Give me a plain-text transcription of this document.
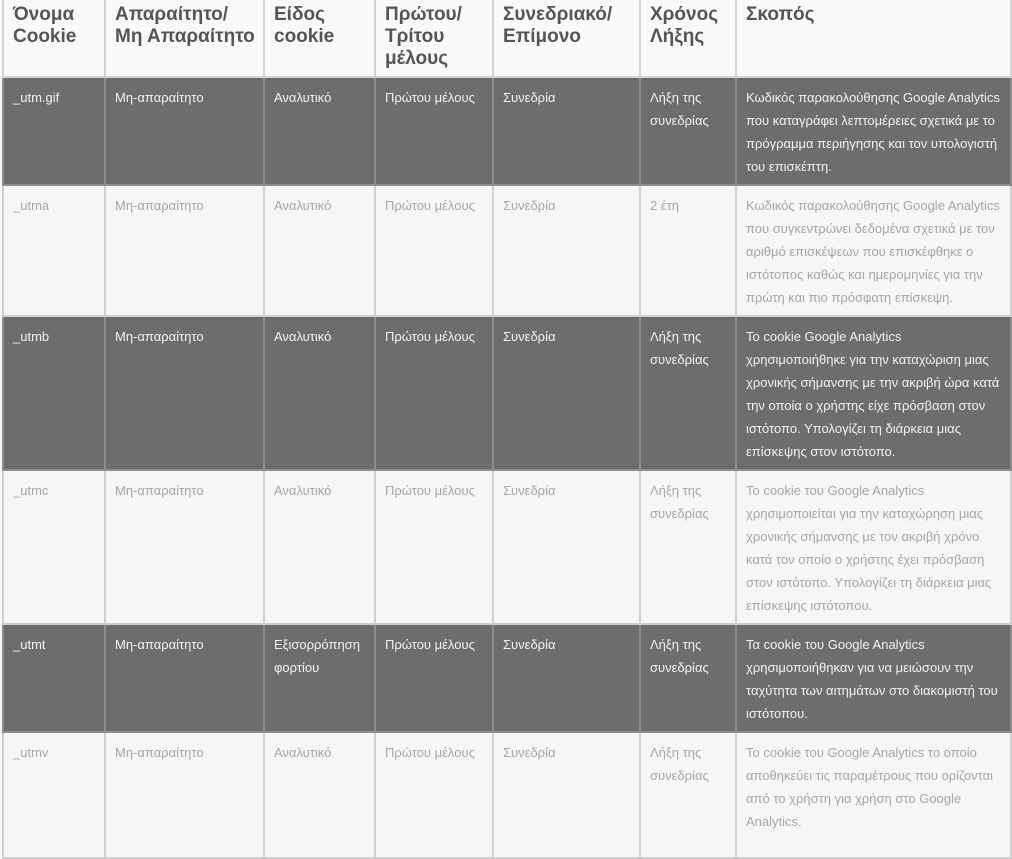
Όνομα Cookie	Απαραίτητο/ Μη Απαραίτητο	Είδος cookie	Πρώτου/ Τρίτου μέλους	Συνεδριακό/ Επίμονο	Χρόνος Λήξης	Σκοπός
_utm.gif	Μη-απαραίτητο	Αναλυτικό	Πρώτου μέλους	Συνεδρία	Λήξη της συνεδρίας	Κωδικός παρακολούθησης Google Analytics που καταγράφει λεπτομέρειες σχετικά με το πρόγραμμα περιήγησης και τον υπολογιστή του επισκέπτη.
_utma	Μη-απαραίτητο	Αναλυτικό	Πρώτου μέλους	Συνεδρία	2 έτη	Κωδικός παρακολούθησης Google Analytics που συγκεντρώνει δεδομένα σχετικά με τον αριθμό επισκέψεων που επισκέφθηκε ο ιστότοπος καθώς και ημερομηνίες για την πρώτη και πιο πρόσφατη επίσκεψη.
_utmb	Μη-απαραίτητο	Αναλυτικό	Πρώτου μέλους	Συνεδρία	Λήξη της συνεδρίας	Το cookie Google Analytics χρησιμοποιήθηκε για την καταχώριση μιας χρονικής σήμανσης με την ακριβή ώρα κατά την οποία ο χρήστης είχε πρόσβαση στον ιστότοπο. Υπολογίζει τη διάρκεια μιας επίσκεψης στον ιστότοπο.
_utmc	Μη-απαραίτητο	Αναλυτικό	Πρώτου μέλους	Συνεδρία	Λήξη της συνεδρίας	Το cookie του Google Analytics χρησιμοποιείται για την καταχώρηση μιας χρονικής σήμανσης με τον ακριβή χρόνο κατά τον οποίο ο χρήστης έχει πρόσβαση στον ιστότοπο. Υπολογίζει τη διάρκεια μιας επίσκεψης ιστότοπου.
_utmt	Μη-απαραίτητο	Εξισορρόπηση φορτίου	Πρώτου μέλους	Συνεδρία	Λήξη της συνεδρίας	Τα cookie του Google Analytics χρησιμοποιήθηκαν για να μειώσουν την ταχύτητα των αιτημάτων στο διακομιστή του ιστότοπου.
_utmv	Μη-απαραίτητο	Αναλυτικό	Πρώτου μέλους	Συνεδρία	Λήξη της συνεδρίας	Το cookie του Google Analytics το οποίο αποθηκεύει τις παραμέτρους που ορίζονται από το χρήστη για χρήση στο Google Analytics.
